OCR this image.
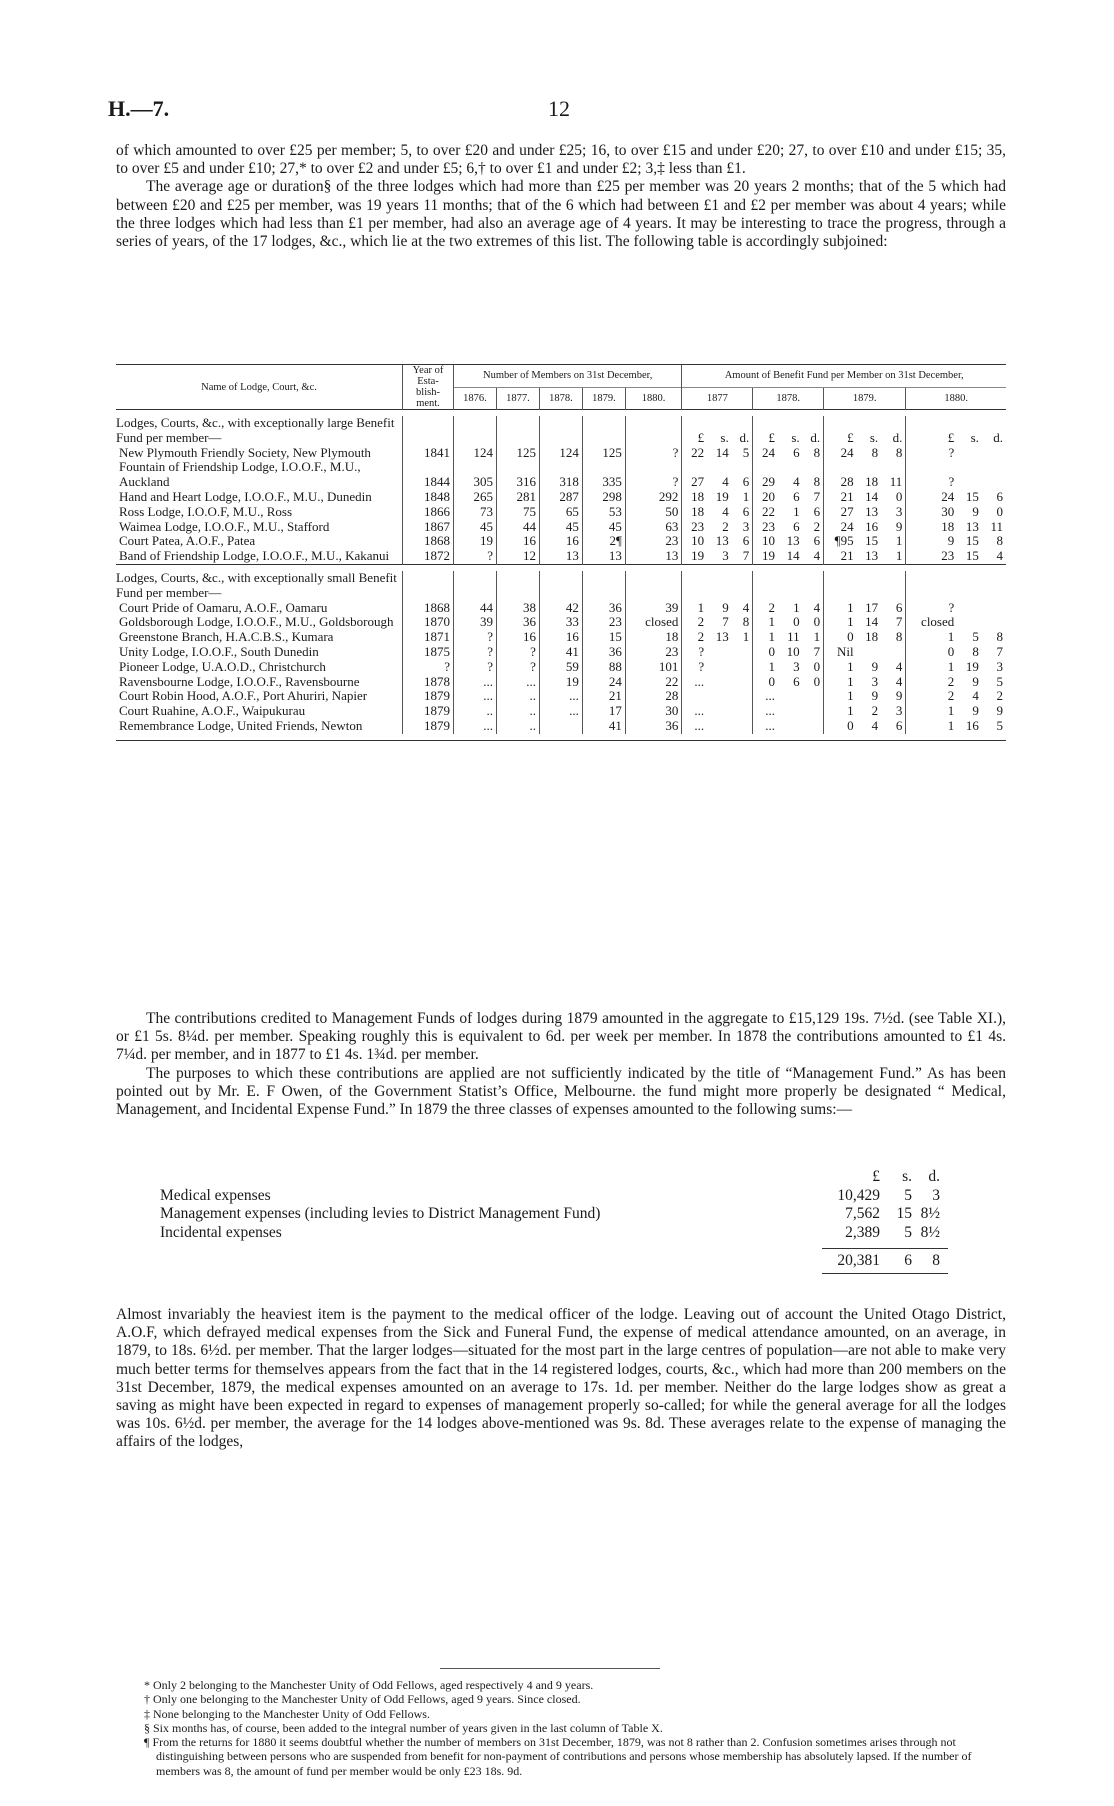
H.—7.	12

of which amounted to over £25 per member; 5, to over £20 and under £25; 16, to over £15 and under £20; 27, to over £10 and under £15; 35, to over £5 and under £10; 27,* to over £2 and under £5; 6,† to over £1 and under £2; 3,‡ less than £1.

The average age or duration§ of the three lodges which had more than £25 per member was 20 years 2 months; that of the 5 which had between £20 and £25 per member, was 19 years 11 months; that of the 6 which had between £1 and £2 per member was about 4 years; while the three lodges which had less than £1 per member, had also an average age of 4 years. It may be interesting to trace the progress, through a series of years, of the 17 lodges, &c., which lie at the two extremes of this list. The following table is accordingly subjoined:

Name of Lodge, Court, &c.	Year of Esta- blish- ment.	Number of Members on 31st December,					Amount of Benefit Fund per Member on 31st December,											
		1876.	1877.	1878.	1879.	1880.	1877			1878.			1879.			1880.		

Lodges, Courts, &c., with exceptionally large Benefit Fund per member—							£	s.	d.	£	s.	d.	£	s.	d.	£	s.	d.
New Plymouth Friendly Society, New Plymouth	1841	124	125	124	125	?	22	14	5	24	6	8	24	8	8	?		
Fountain of Friendship Lodge, I.O.O.F., M.U., Auckland	1844	305	316	318	335	?	27	4	6	29	4	8	28	18	11	?		
Hand and Heart Lodge, I.O.O.F., M.U., Dunedin	1848	265	281	287	298	292	18	19	1	20	6	7	21	14	0	24	15	6
Ross Lodge, I.O.O.F, M.U., Ross	1866	73	75	65	53	50	18	4	6	22	1	6	27	13	3	30	9	0
Waimea Lodge, I.O.O.F., M.U., Stafford	1867	45	44	45	45	63	23	2	3	23	6	2	24	16	9	18	13	11
Court Patea, A.O.F., Patea	1868	19	16	16	2¶	23	10	13	6	10	13	6	¶95	15	1	9	15	8
Band of Friendship Lodge, I.O.O.F., M.U., Kakanui	1872	?	12	13	13	13	19	3	7	19	14	4	21	13	1	23	15	4

Lodges, Courts, &c., with exceptionally small Benefit Fund per member—																		
Court Pride of Oamaru, A.O.F., Oamaru	1868	44	38	42	36	39	1	9	4	2	1	4	1	17	6	?		
Goldsborough Lodge, I.O.O.F., M.U., Goldsborough	1870	39	36	33	23	closed	2	7	8	1	0	0	1	14	7	closed		
Greenstone Branch, H.A.C.B.S., Kumara	1871	?	16	16	15	18	2	13	1	1	11	1	0	18	8	1	5	8
Unity Lodge, I.O.O.F., South Dunedin	1875	?	?	41	36	23	?			0	10	7	Nil			0	8	7
Pioneer Lodge, U.A.O.D., Christchurch	?	?	?	59	88	101	?			1	3	0	1	9	4	1	19	3
Ravensbourne Lodge, I.O.O.F., Ravensbourne	1878	...	...	19	24	22	...			0	6	0	1	3	4	2	9	5
Court Robin Hood, A.O.F., Port Ahuriri, Napier	1879	...	..	...	21	28				...			1	9	9	2	4	2
Court Ruahine, A.O.F., Waipukurau	1879	..	..	...	17	30	...			...			1	2	3	1	9	9
Remembrance Lodge, United Friends, Newton	1879	...	..		41	36	...			...			0	4	6	1	16	5

The contributions credited to Management Funds of lodges during 1879 amounted in the aggregate to £15,129 19s. 7½d. (see Table XI.), or £1 5s. 8¼d. per member. Speaking roughly this is equivalent to 6d. per week per member. In 1878 the contributions amounted to £1 4s. 7¼d. per member, and in 1877 to £1 4s. 1¾d. per member.

The purposes to which these contributions are applied are not sufficiently indicated by the title of “Management Fund.” As has been pointed out by Mr. E. F Owen, of the Government Statist’s Office, Melbourne. the fund might more properly be designated “ Medical, Management, and Incidental Expense Fund.” In 1879 the three classes of expenses amounted to the following sums:—

£	s.	d.
Medical expenses	10,429	5	3
Management expenses (including levies to District Management Fund)	7,562	15 8½
Incidental expenses	2,389	5 8½
20,381	6	8

Almost invariably the heaviest item is the payment to the medical officer of the lodge. Leaving out of account the United Otago District, A.O.F, which defrayed medical expenses from the Sick and Funeral Fund, the expense of medical attendance amounted, on an average, in 1879, to 18s. 6½d. per member. That the larger lodges—situated for the most part in the large centres of population—are not able to make very much better terms for themselves appears from the fact that in the 14 registered lodges, courts, &c., which had more than 200 members on the 31st December, 1879, the medical expenses amounted on an average to 17s. 1d. per member. Neither do the large lodges show as great a saving as might have been expected in regard to expenses of management properly so-called; for while the general average for all the lodges was 10s. 6½d. per member, the average for the 14 lodges above-mentioned was 9s. 8d. These averages relate to the expense of managing the affairs of the lodges,

* Only 2 belonging to the Manchester Unity of Odd Fellows, aged respectively 4 and 9 years.

† Only one belonging to the Manchester Unity of Odd Fellows, aged 9 years. Since closed.

‡ None belonging to the Manchester Unity of Odd Fellows.

§ Six months has, of course, been added to the integral number of years given in the last column of Table X.

¶ From the returns for 1880 it seems doubtful whether the number of members on 31st December, 1879, was not 8 rather than 2. Confusion sometimes arises through not distinguishing between persons who are suspended from benefit for non-payment of contributions and persons whose membership has absolutely lapsed. If the number of members was 8, the amount of fund per member would be only £23 18s. 9d.
